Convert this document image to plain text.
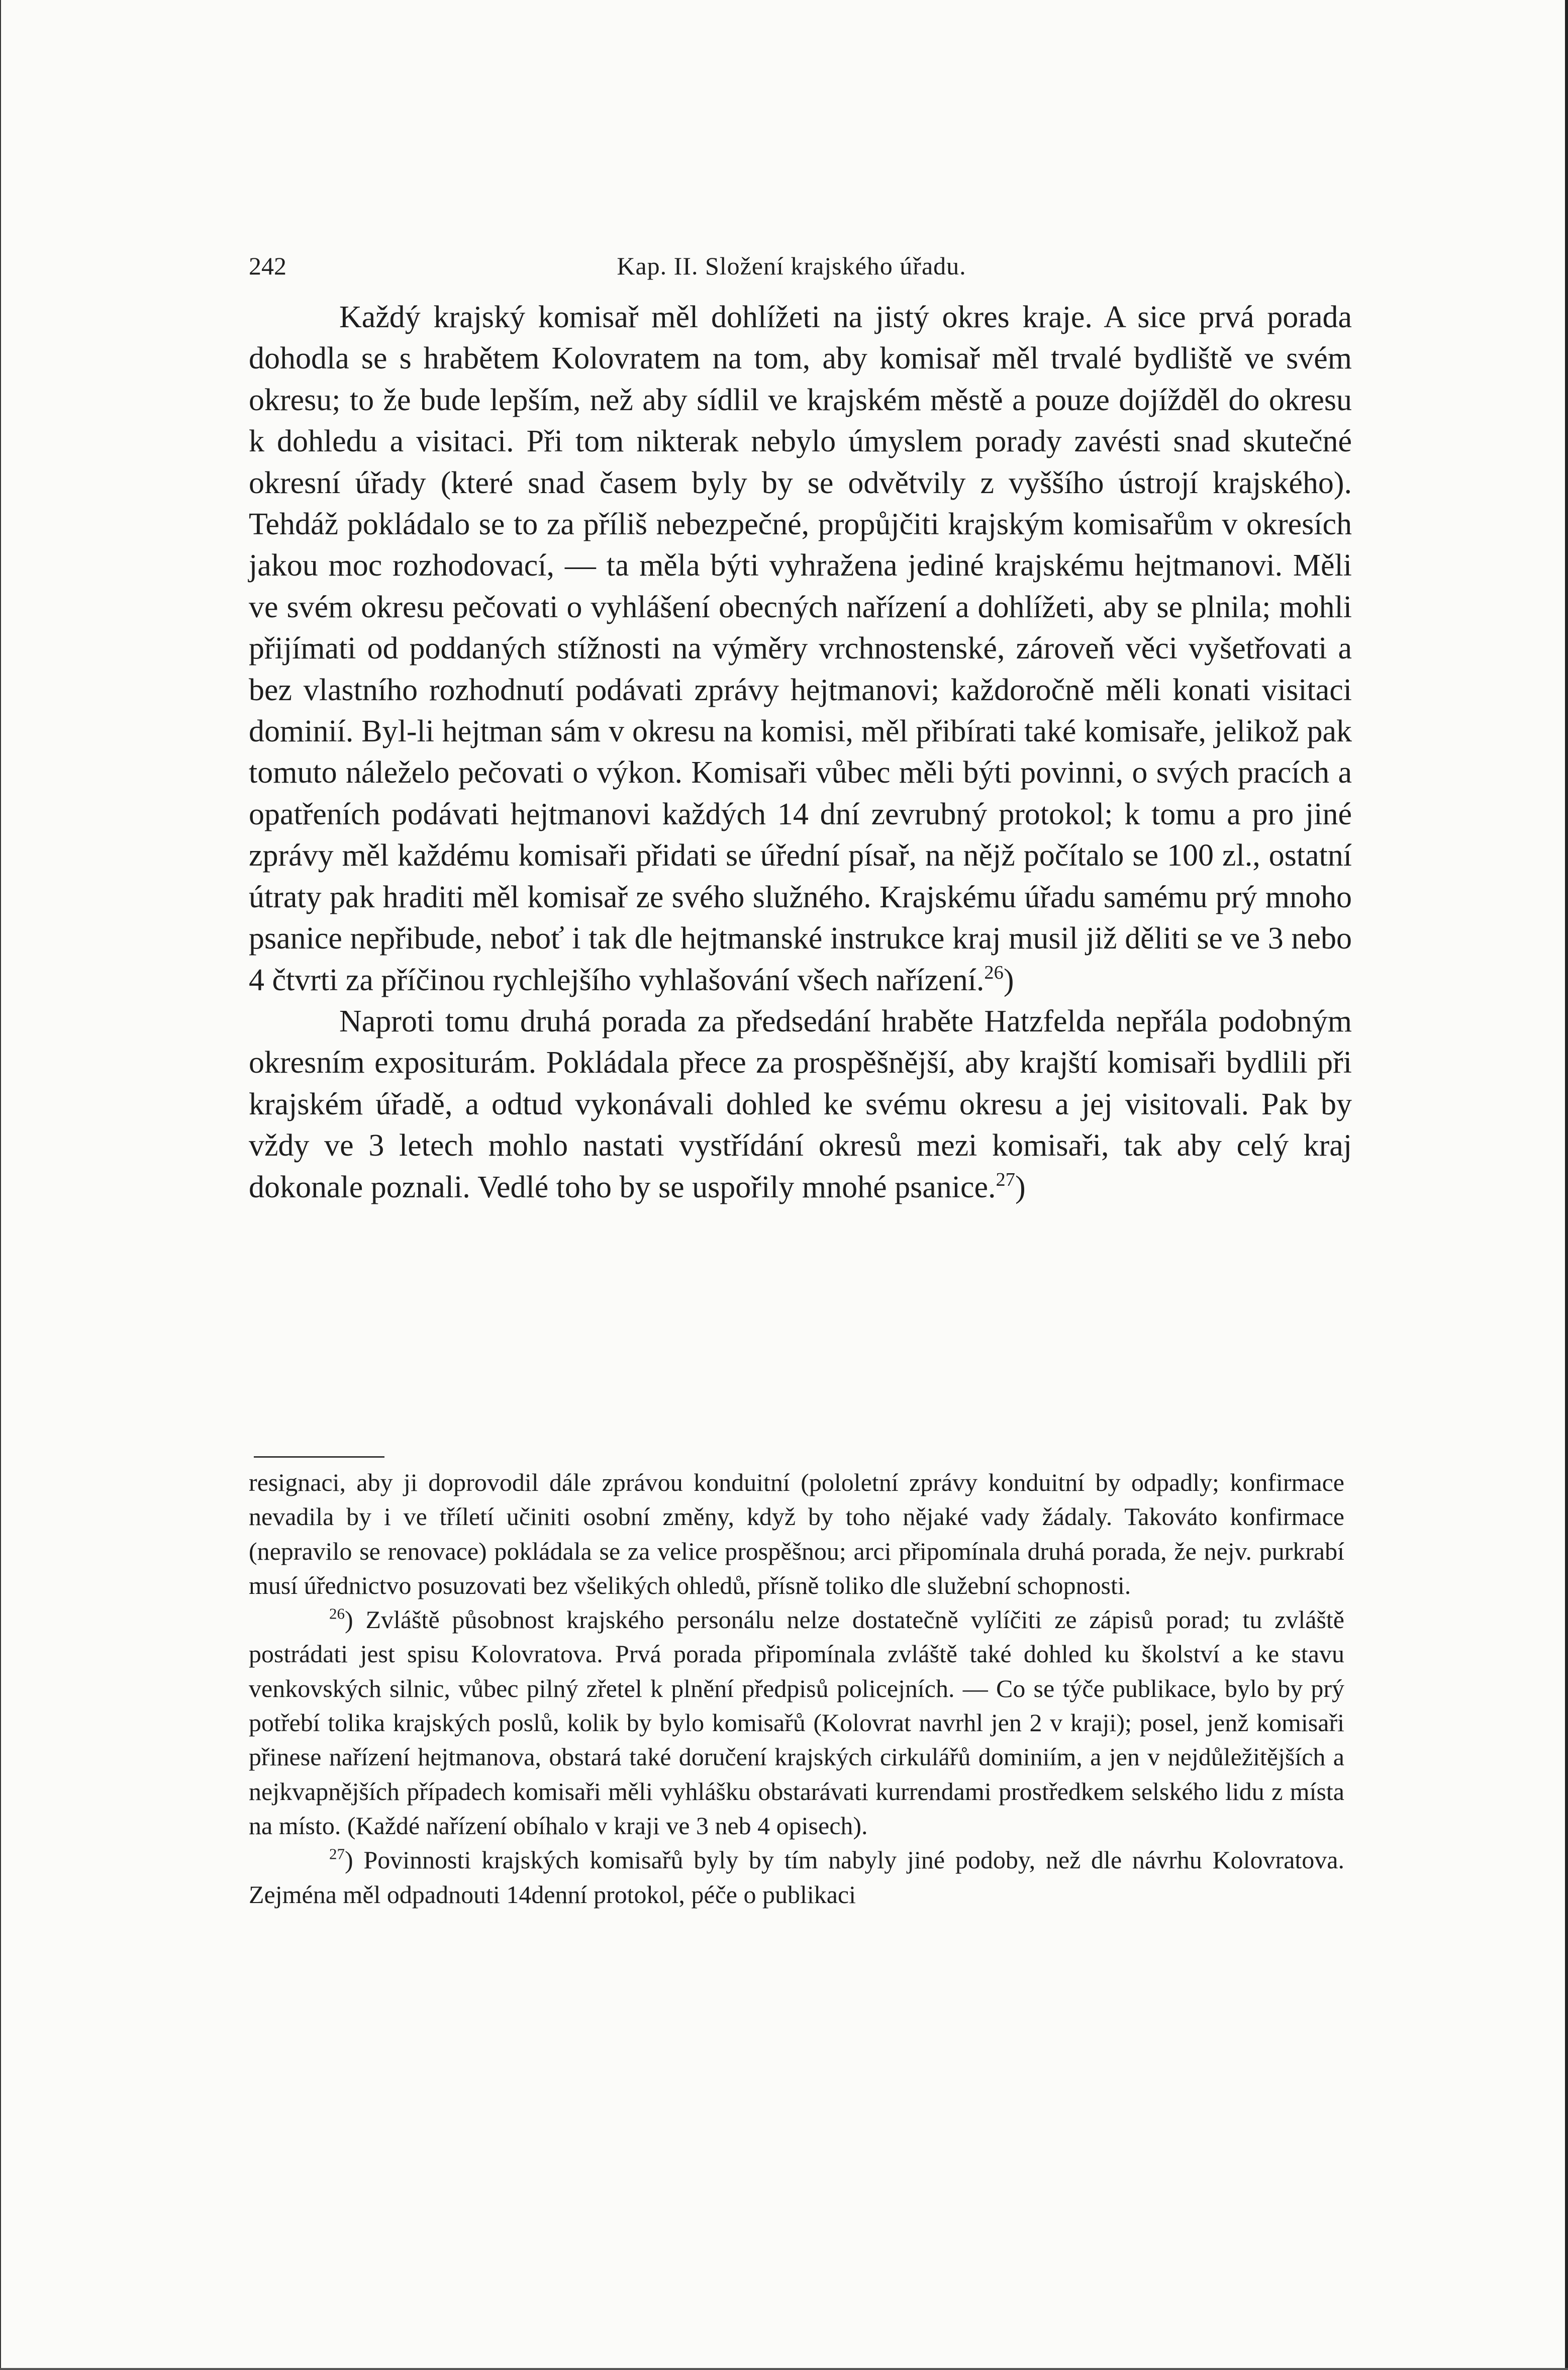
242	Kap. II. Složení krajského úřadu.

Každý krajský komisař měl dohlížeti na jistý okres kraje. A sice prvá porada dohodla se s hrabětem Kolovratem na tom, aby komisař měl trvalé bydliště ve svém okresu; to že bude lepším, než aby sídlil ve krajském městě a pouze dojížděl do okresu k dohledu a visitaci. Při tom nikterak nebylo úmyslem porady zavésti snad skutečné okresní úřady (které snad časem byly by se odvětvily z vyššího ústrojí krajského). Tehdáž pokládalo se to za příliš nebezpečné, propůjčiti krajským komisařům v okresích jakou moc rozhodovací, — ta měla býti vyhražena jediné krajskému hejtmanovi. Měli ve svém okresu pečovati o vyhlášení obecných nařízení a dohlížeti, aby se plnila; mohli přijímati od poddaných stížnosti na výměry vrchnostenské, zároveň věci vyšetřovati a bez vlastního rozhodnutí podávati zprávy hejtmanovi; každoročně měli konati visitaci dominií. Byl-li hejtman sám v okresu na komisi, měl přibírati také komisaře, jelikož pak tomuto náleželo pečovati o výkon. Komisaři vůbec měli býti povinni, o svých pracích a opatřeních podávati hejtmanovi každých 14 dní zevrubný protokol; k tomu a pro jiné zprávy měl každému komisaři přidati se úřední písař, na nějž počítalo se 100 zl., ostatní útraty pak hraditi měl komisař ze svého služného. Krajskému úřadu samému prý mnoho psanice nepřibude, neboť i tak dle hejtmanské instrukce kraj musil již děliti se ve 3 nebo 4 čtvrti za příčinou rychlejšího vyhlašování všech nařízení.$^{26}$)

Naproti tomu druhá porada za předsedání hraběte Hatzfelda nepřála podobným okresním expositurám. Pokládala přece za prospěšnější, aby krajští komisaři bydlili při krajském úřadě, a odtud vykonávali dohled ke svému okresu a jej visitovali. Pak by vždy ve 3 letech mohlo nastati vystřídání okresů mezi komisaři, tak aby celý kraj dokonale poznali. Vedlé toho by se uspořily mnohé psanice.$^{27}$)

resignaci, aby ji doprovodil dále zprávou konduitní (pololetní zprávy konduitní by odpadly; konfirmace nevadila by i ve tříletí učiniti osobní změny, když by toho nějaké vady žádaly. Takováto konfirmace (nepravilo se renovace) pokládala se za velice prospěšnou; arci připomínala druhá porada, že nejv. purkrabí musí úřednictvo posuzovati bez všelikých ohledů, přísně toliko dle služební schopnosti.

$^{26}$) Zvláště působnost krajského personálu nelze dostatečně vylíčiti ze zápisů porad; tu zvláště postrádati jest spisu Kolovratova. Prvá porada připomínala zvláště také dohled ku školství a ke stavu venkovských silnic, vůbec pilný zřetel k plnění předpisů policejních. — Co se týče publikace, bylo by prý potřebí tolika krajských poslů, kolik by bylo komisařů (Kolovrat navrhl jen 2 v kraji); posel, jenž komisaři přinese nařízení hejtmanova, obstará také doručení krajských cirkulářů dominiím, a jen v nejdůležitějších a nejkvapnějších případech komisaři měli vyhlášku obstarávati kurrendami prostředkem selského lidu z místa na místo. (Každé nařízení obíhalo v kraji ve 3 neb 4 opisech).

$^{27}$) Povinnosti krajských komisařů byly by tím nabyly jiné podoby, než dle návrhu Kolovratova. Zejména měl odpadnouti 14denní protokol, péče o publikaci
